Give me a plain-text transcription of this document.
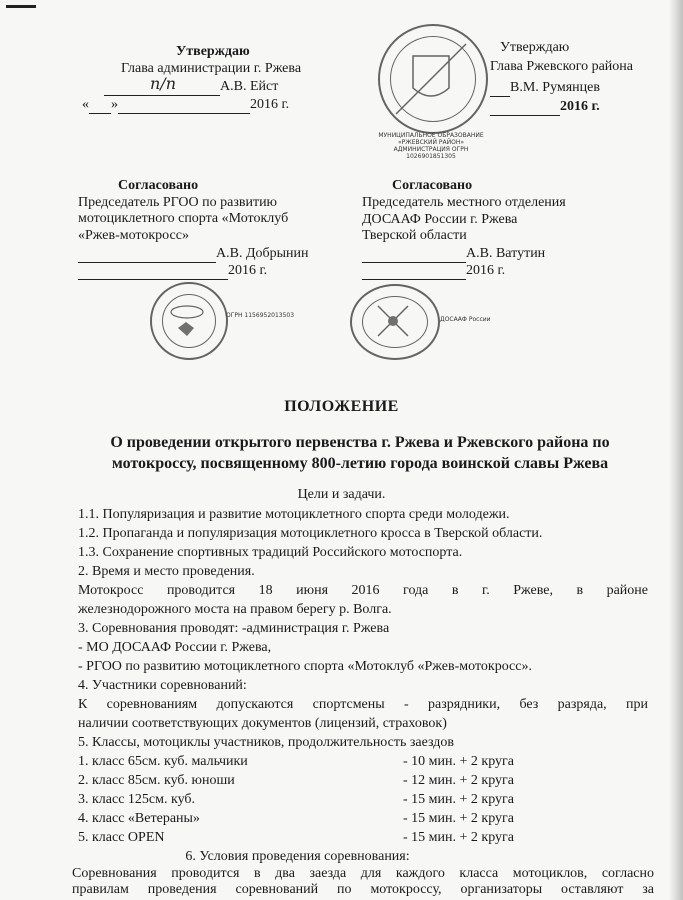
Утверждаю
Глава администрации г. Ржева
А.В. Ейст
п/п
« »	2016 г.
МУНИЦИПАЛЬНОЕ ОБРАЗОВАНИЕ «РЖЕВСКИЙ РАЙОН» АДМИНИСТРАЦИЯ ОГРН 1026901851305
Утверждаю
Глава Ржевского района
В.М. Румянцев
2016 г.
ОГРН 1156952013503
Согласовано
Председатель РГОО по развитию
мотоциклетного спорта «Мотоклуб
«Ржев-мотокросс»
А.В. Добрынин
2016 г.
ДОСААФ России
Согласовано
Председатель местного отделения
ДОСААФ России г. Ржева
Тверской области
А.В. Ватутин
2016 г.
ПОЛОЖЕНИЕ
О проведении открытого первенства г. Ржева и Ржевского района по
мотокроссу, посвященному 800-летию города воинской славы Ржева
Цели и задачи.
1.1. Популяризация и развитие мотоциклетного спорта среди молодежи.
1.2. Пропаганда и популяризация мотоциклетного кросса в Тверской области.
1.3. Сохранение спортивных традиций Российского мотоспорта.
2. Время и место проведения.
Мотокросс проводится 18 июня 2016 года в г. Ржеве, в районе
железнодорожного моста на правом берегу р. Волга.
3. Соревнования проводят: -администрация г. Ржева
- МО ДОСААФ России г. Ржева,
- РГОО по развитию мотоциклетного спорта «Мотоклуб «Ржев-мотокросс».
4. Участники соревнований:
К соревнованиям допускаются спортсмены - разрядники, без разряда, при
наличии соответствующих документов (лицензий, страховок)
5. Классы, мотоциклы участников, продолжительность заездов
1. класс 65см. куб. мальчики	- 10 мин. + 2 круга
2. класс 85см. куб. юноши	- 12 мин. + 2 круга
3. класс 125см. куб.	- 15 мин. + 2 круга
4. класс «Ветераны»	- 15 мин. + 2 круга
5. класс OPEN	- 15 мин. + 2 круга
6. Условия проведения соревнования:
Соревнования проводится в два заезда для каждого класса мотоциклов, согласно
правилам проведения соревнований по мотокроссу, организаторы оставляют за
